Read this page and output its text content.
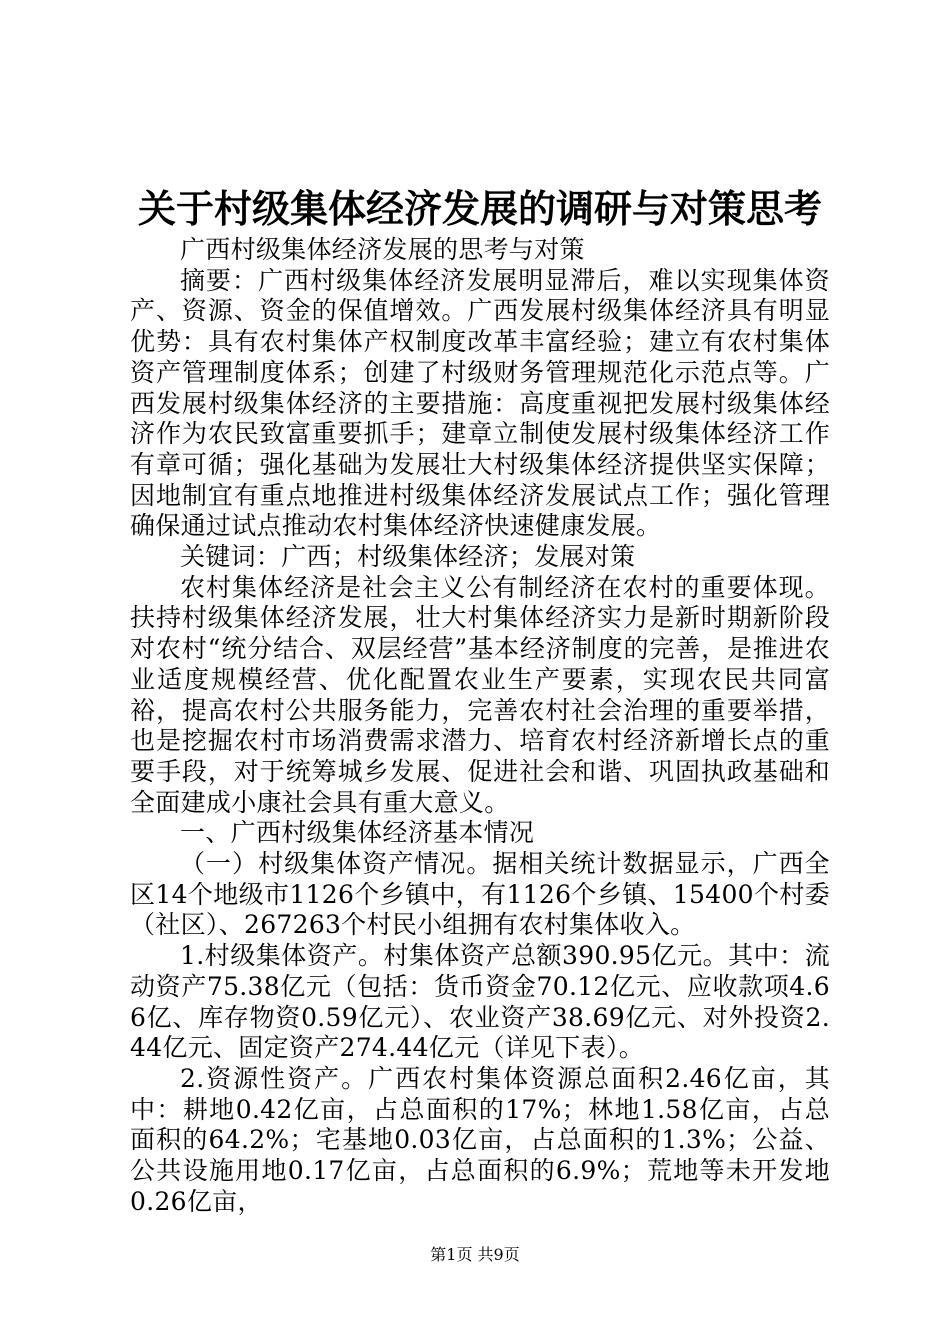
关于村级集体经济发展的调研与对策思考

广西村级集体经济发展的思考与对策

摘要：广西村级集体经济发展明显滞后，难以实现集体资产、资源、资金的保值增效。广西发展村级集体经济具有明显优势：具有农村集体产权制度改革丰富经验；建立有农村集体资产管理制度体系；创建了村级财务管理规范化示范点等。广西发展村级集体经济的主要措施：高度重视把发展村级集体经济作为农民致富重要抓手；建章立制使发展村级集体经济工作有章可循；强化基础为发展壮大村级集体经济提供坚实保障；因地制宜有重点地推进村级集体经济发展试点工作；强化管理确保通过试点推动农村集体经济快速健康发展。

关键词：广西；村级集体经济；发展对策

农村集体经济是社会主义公有制经济在农村的重要体现。扶持村级集体经济发展，壮大村集体经济实力是新时期新阶段对农村“统分结合、双层经营”基本经济制度的完善，是推进农业适度规模经营、优化配置农业生产要素，实现农民共同富裕，提高农村公共服务能力，完善农村社会治理的重要举措，也是挖掘农村市场消费需求潜力、培育农村经济新增长点的重要手段，对于统筹城乡发展、促进社会和谐、巩固执政基础和全面建成小康社会具有重大意义。

一、广西村级集体经济基本情况

（一）村级集体资产情况。据相关统计数据显示，广西全区14个地级市1126个乡镇中，有1126个乡镇、15400个村委（社区）、267263个村民小组拥有农村集体收入。

1.村级集体资产。村集体资产总额390.95亿元。其中：流动资产75.38亿元（包括：货币资金70.12亿元、应收款项4.66亿、库存物资0.59亿元）、农业资产38.69亿元、对外投资2.44亿元、固定资产274.44亿元（详见下表）。

2.资源性资产。广西农村集体资源总面积2.46亿亩，其中：耕地0.42亿亩，占总面积的17%；林地1.58亿亩，占总面积的64.2%；宅基地0.03亿亩，占总面积的1.3%；公益、公共设施用地0.17亿亩，占总面积的6.9%；荒地等未开发地0.26亿亩，

第1页 共9页
